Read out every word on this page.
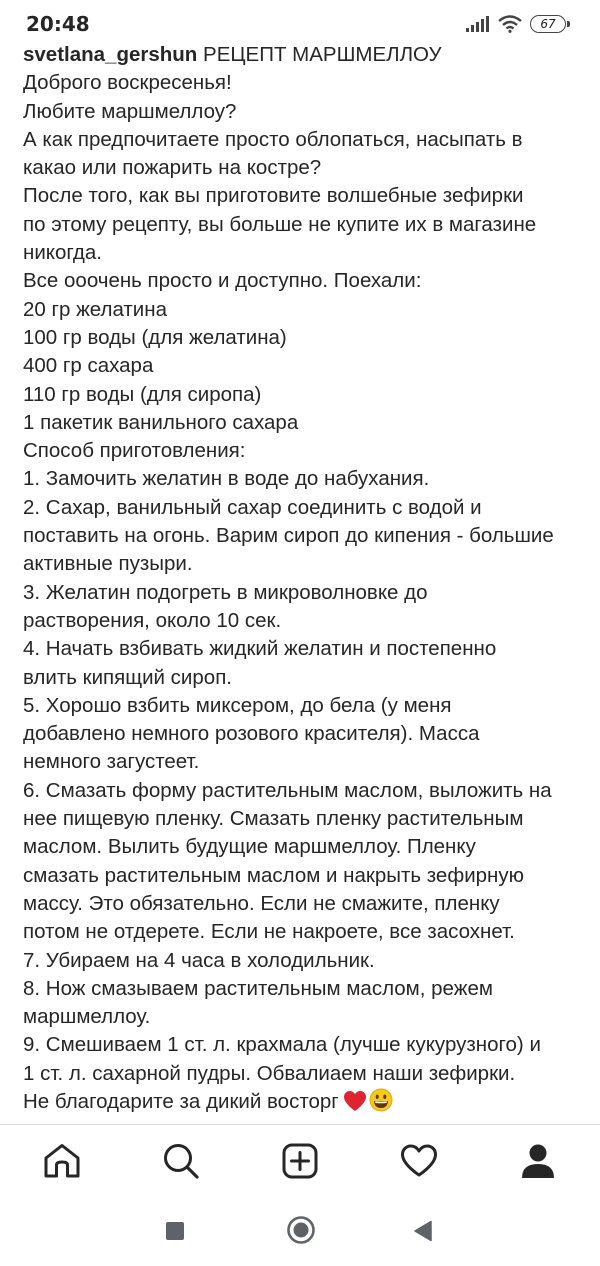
20:48	67
svetlana_gershun РЕЦЕПТ МАРШМЕЛЛОУ
Доброго воскресенья!
Любите маршмеллоу?
А как предпочитаете просто облопаться, насыпать в
какао или пожарить на костре?
После того, как вы приготовите волшебные зефирки
по этому рецепту, вы больше не купите их в магазине
никогда.
Все ооочень просто и доступно. Поехали:
20 гр желатина
100 гр воды (для желатина)
400 гр сахара
110 гр воды (для сиропа)
1 пакетик ванильного сахара
Способ приготовления:
1. Замочить желатин в воде до набухания.
2. Сахар, ванильный сахар соединить с водой и
поставить на огонь. Варим сироп до кипения - большие
активные пузыри.
3. Желатин подогреть в микроволновке до
растворения, около 10 сек.
4. Начать взбивать жидкий желатин и постепенно
влить кипящий сироп.
5. Хорошо взбить миксером, до бела (у меня
добавлено немного розового красителя). Масса
немного загустеет.
6. Смазать форму растительным маслом, выложить на
нее пищевую пленку. Смазать пленку растительным
маслом. Вылить будущие маршмеллоу. Пленку
смазать растительным маслом и накрыть зефирную
массу. Это обязательно. Если не смажите, пленку
потом не отдерете. Если не накроете, все засохнет.
7. Убираем на 4 часа в холодильник.
8. Нож смазываем растительным маслом, режем
маршмеллоу.
9. Смешиваем 1 ст. л. крахмала (лучше кукурузного) и
1 ст. л. сахарной пудры. Обвалиаем наши зефирки.
Не благодарите за дикий восторг
